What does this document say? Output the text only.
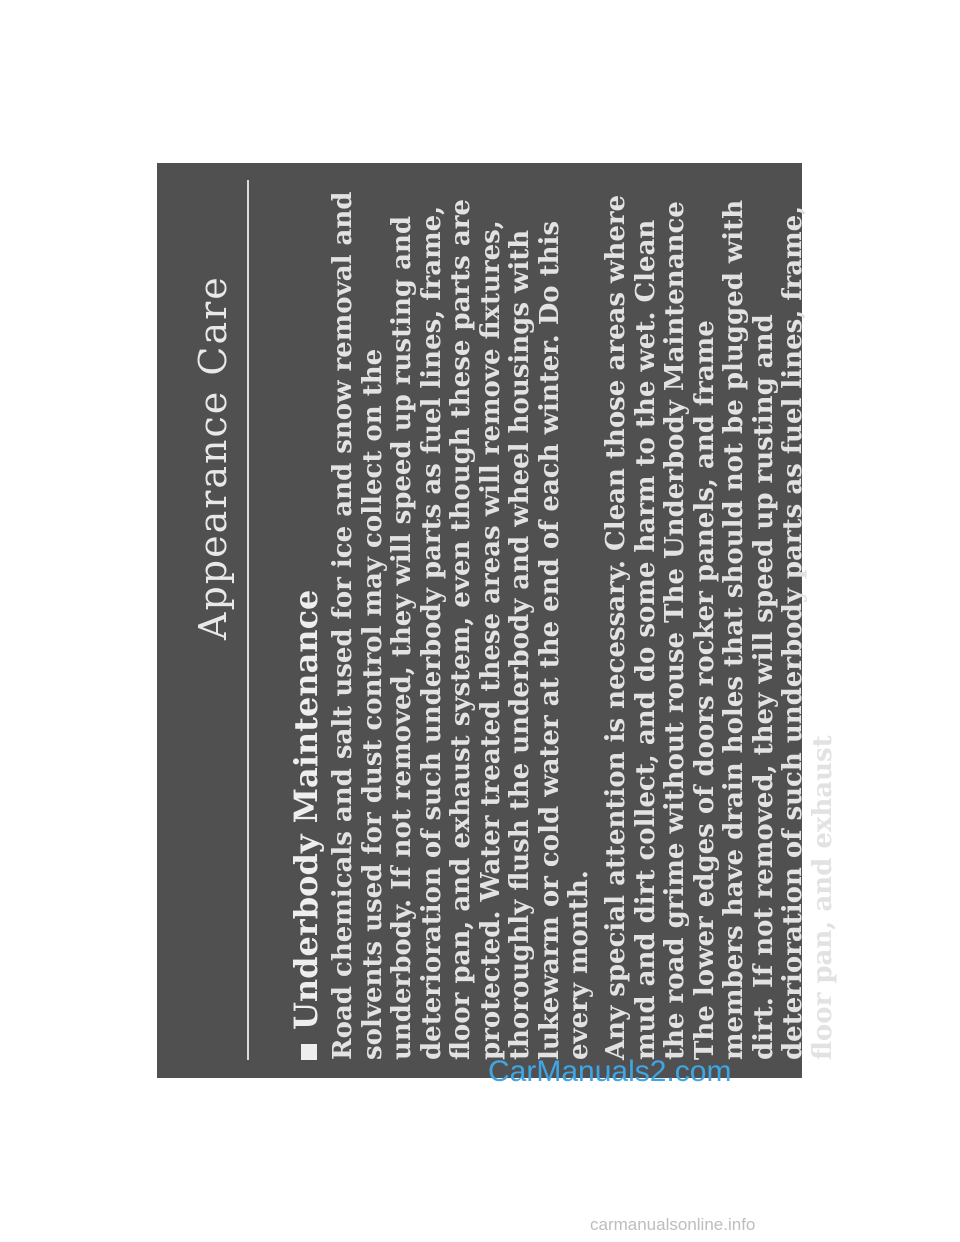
Appearance Care
Underbody Maintenance Road chemicals and salt used for ice and snow removal and solvents used for dust control may collect on the underbody. If not removed, they will speed up rusting and deterioration of such underbody parts as fuel lines, frame, floor pan, and exhaust system, even though these parts are protected. Water treated these areas will remove fixtures, thoroughly flush the underbody and wheel housings with lukewarm or cold water at the end of each winter. Do this every month. Any special attention is necessary. Clean those areas where mud and dirt collect, and do some harm to the wet. Clean the road grime without rouse The Underbody Maintenance The lower edges of doors rocker panels, and frame members have drain holes that should not be plugged with dirt. If not removed, they will speed up rusting and deterioration of such underbody parts as fuel lines, frame, floor pan, and exhaust
CarManuals2.com
carmanualsonline.info
